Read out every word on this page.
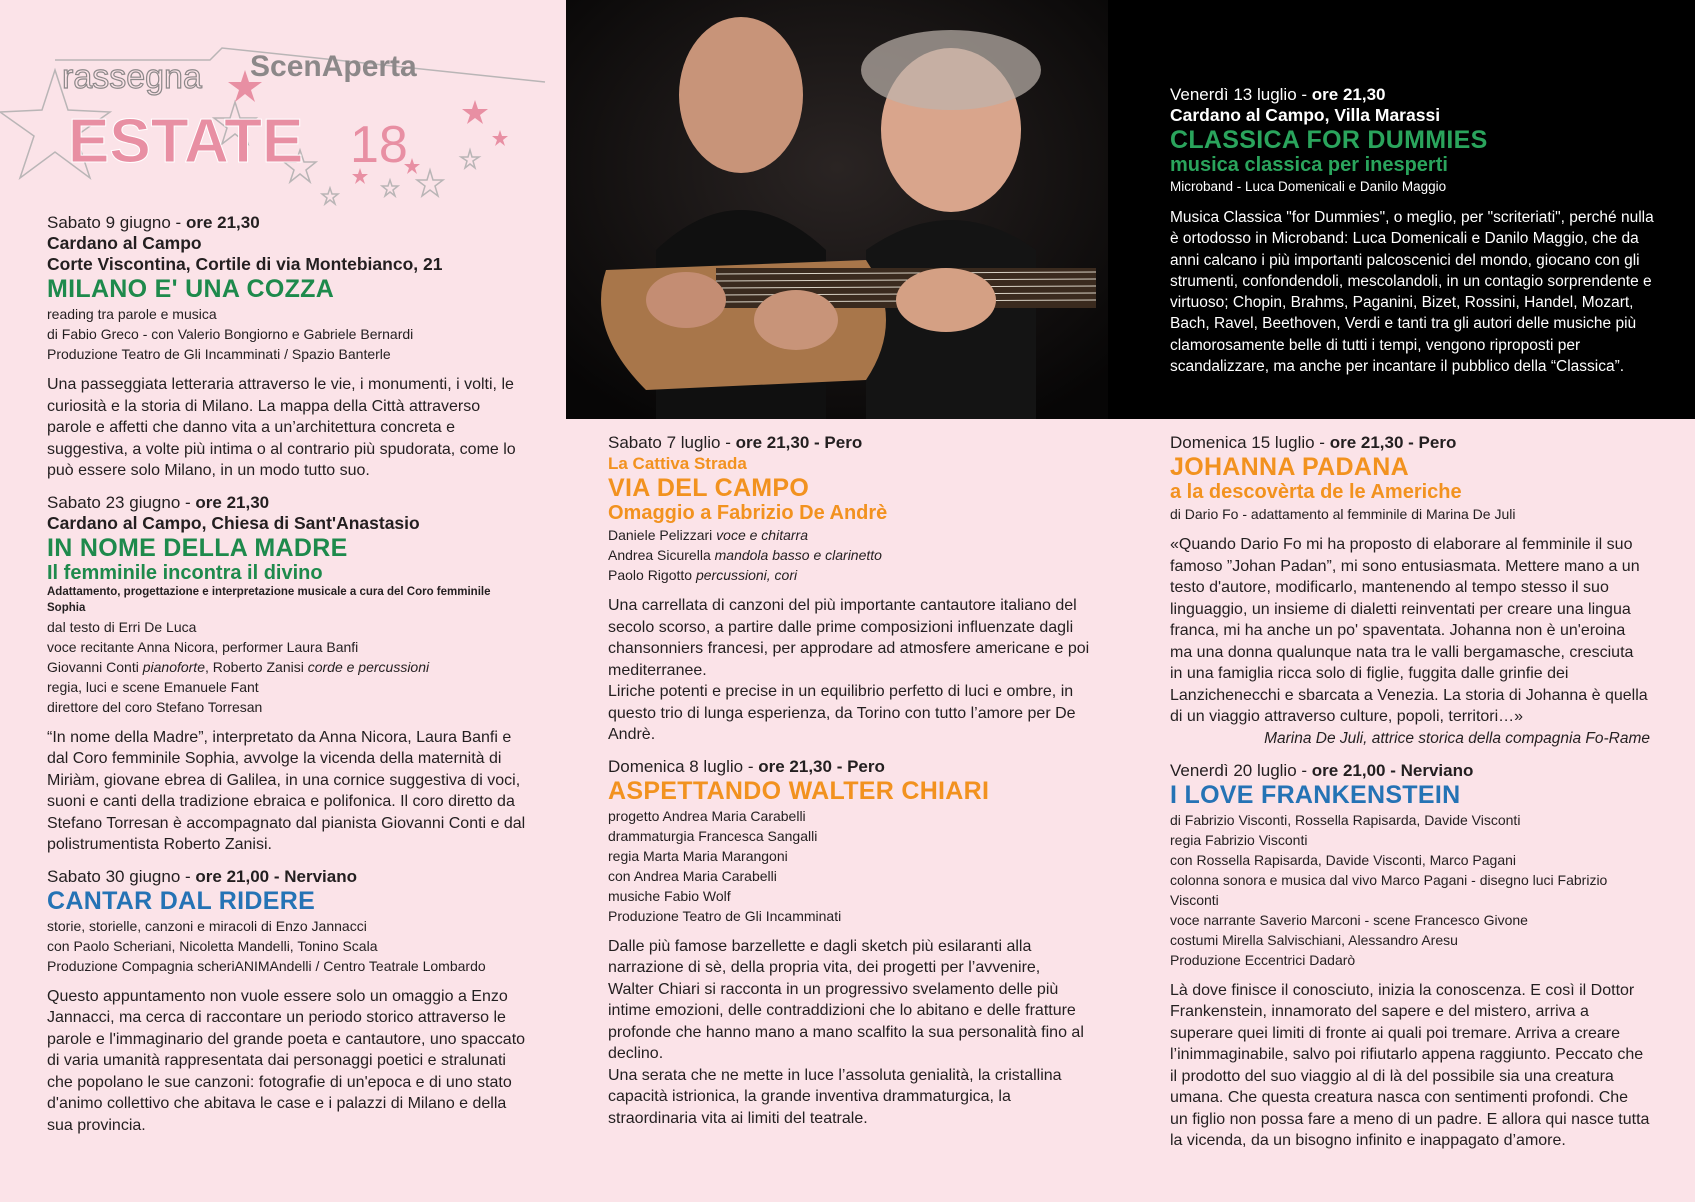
rassegna ScenAperta
ESTATE 18
Venerdì 13 luglio - ore 21,30
Cardano al Campo, Villa Marassi
CLASSICA FOR DUMMIES
musica classica per inesperti
Microband - Luca Domenicali e Danilo Maggio
Musica Classica "for Dummies", o meglio, per "scriteriati", perché nulla è ortodosso in Microband: Luca Domenicali e Danilo Maggio, che da anni calcano i più importanti palcoscenici del mondo, giocano con gli strumenti, confondendoli, mescolandoli, in un contagio sorprendente e virtuoso; Chopin, Brahms, Paganini, Bizet, Rossini, Handel, Mozart, Bach, Ravel, Beethoven, Verdi e tanti tra gli autori delle musiche più clamorosamente belle di tutti i tempi, vengono riproposti per scandalizzare, ma anche per incantare il pubblico della “Classica”.
Sabato 9 giugno - ore 21,30
Cardano al Campo
Corte Viscontina, Cortile di via Montebianco, 21
MILANO E' UNA COZZA
reading tra parole e musica
di Fabio Greco - con Valerio Bongiorno e Gabriele Bernardi
Produzione Teatro de Gli Incamminati / Spazio Banterle
Una passeggiata letteraria attraverso le vie, i monumenti, i volti, le curiosità e la storia di Milano. La mappa della Città attraverso parole e affetti che danno vita a un’architettura concreta e suggestiva, a volte più intima o al contrario più spudorata, come lo può essere solo Milano, in un modo tutto suo.
Sabato 23 giugno - ore 21,30
Cardano al Campo, Chiesa di Sant'Anastasio
IN NOME DELLA MADRE
Il femminile incontra il divino
Adattamento, progettazione e interpretazione musicale a cura del Coro femminile Sophia
dal testo di Erri De Luca
voce recitante Anna Nicora, performer Laura Banfi
Giovanni Conti pianoforte, Roberto Zanisi corde e percussioni
regia, luci e scene Emanuele Fant
direttore del coro Stefano Torresan
“In nome della Madre”, interpretato da Anna Nicora, Laura Banfi e dal Coro femminile Sophia, avvolge la vicenda della maternità di Miriàm, giovane ebrea di Galilea, in una cornice suggestiva di voci, suoni e canti della tradizione ebraica e polifonica. Il coro diretto da Stefano Torresan è accompagnato dal pianista Giovanni Conti e dal polistrumentista Roberto Zanisi.
Sabato 30 giugno - ore 21,00 - Nerviano
CANTAR DAL RIDERE
storie, storielle, canzoni e miracoli di Enzo Jannacci
con Paolo Scheriani, Nicoletta Mandelli, Tonino Scala
Produzione Compagnia scheriANIMAndelli / Centro Teatrale Lombardo
Questo appuntamento non vuole essere solo un omaggio a Enzo Jannacci, ma cerca di raccontare un periodo storico attraverso le parole e l'immaginario del grande poeta e cantautore, uno spaccato di varia umanità rappresentata dai personaggi poetici e stralunati che popolano le sue canzoni: fotografie di un'epoca e di uno stato d'animo collettivo che abitava le case e i palazzi di Milano e della sua provincia.
Sabato 7 luglio - ore 21,30 - Pero
La Cattiva Strada
VIA DEL CAMPO
Omaggio a Fabrizio De Andrè
Daniele Pelizzari voce e chitarra
Andrea Sicurella mandola basso e clarinetto
Paolo Rigotto percussioni, cori
Una carrellata di canzoni del più importante cantautore italiano del secolo scorso, a partire dalle prime composizioni influenzate dagli chansonniers francesi, per approdare ad atmosfere americane e poi mediterranee.
Liriche potenti e precise in un equilibrio perfetto di luci e ombre, in questo trio di lunga esperienza, da Torino con tutto l’amore per De Andrè.
Domenica 8 luglio - ore 21,30 - Pero
ASPETTANDO WALTER CHIARI
progetto Andrea Maria Carabelli
drammaturgia Francesca Sangalli
regia Marta Maria Marangoni
con Andrea Maria Carabelli
musiche Fabio Wolf
Produzione Teatro de Gli Incamminati
Dalle più famose barzellette e dagli sketch più esilaranti alla narrazione di sè, della propria vita, dei progetti per l’avvenire, Walter Chiari si racconta in un progressivo svelamento delle più intime emozioni, delle contraddizioni che lo abitano e delle fratture profonde che hanno mano a mano scalfito la sua personalità fino al declino.
Una serata che ne mette in luce l’assoluta genialità, la cristallina capacità istrionica, la grande inventiva drammaturgica, la straordinaria vita ai limiti del teatrale.
Domenica 15 luglio - ore 21,30 - Pero
JOHANNA PADANA
a la descovèrta de le Americhe
di Dario Fo - adattamento al femminile di Marina De Juli
«Quando Dario Fo mi ha proposto di elaborare al femminile il suo famoso ”Johan Padan”, mi sono entusiasmata. Mettere mano a un testo d'autore, modificarlo, mantenendo al tempo stesso il suo linguaggio, un insieme di dialetti reinventati per creare una lingua franca, mi ha anche un po' spaventata. Johanna non è un'eroina ma una donna qualunque nata tra le valli bergamasche, cresciuta in una famiglia ricca solo di figlie, fuggita dalle grinfie dei Lanzichenecchi e sbarcata a Venezia. La storia di Johanna è quella di un viaggio attraverso culture, popoli, territori…»
Marina De Juli, attrice storica della compagnia Fo-Rame
Venerdì 20 luglio - ore 21,00 - Nerviano
I LOVE FRANKENSTEIN
di Fabrizio Visconti, Rossella Rapisarda, Davide Visconti
regia Fabrizio Visconti
con Rossella Rapisarda, Davide Visconti, Marco Pagani
colonna sonora e musica dal vivo Marco Pagani - disegno luci Fabrizio Visconti
voce narrante Saverio Marconi - scene Francesco Givone
costumi Mirella Salvischiani, Alessandro Aresu
Produzione Eccentrici Dadarò
Là dove finisce il conosciuto, inizia la conoscenza. E così il Dottor Frankenstein, innamorato del sapere e del mistero, arriva a superare quei limiti di fronte ai quali poi tremare. Arriva a creare l’inimmaginabile, salvo poi rifiutarlo appena raggiunto. Peccato che il prodotto del suo viaggio al di là del possibile sia una creatura umana. Che questa creatura nasca con sentimenti profondi. Che un figlio non possa fare a meno di un padre. E allora qui nasce tutta la vicenda, da un bisogno infinito e inappagato d’amore.
